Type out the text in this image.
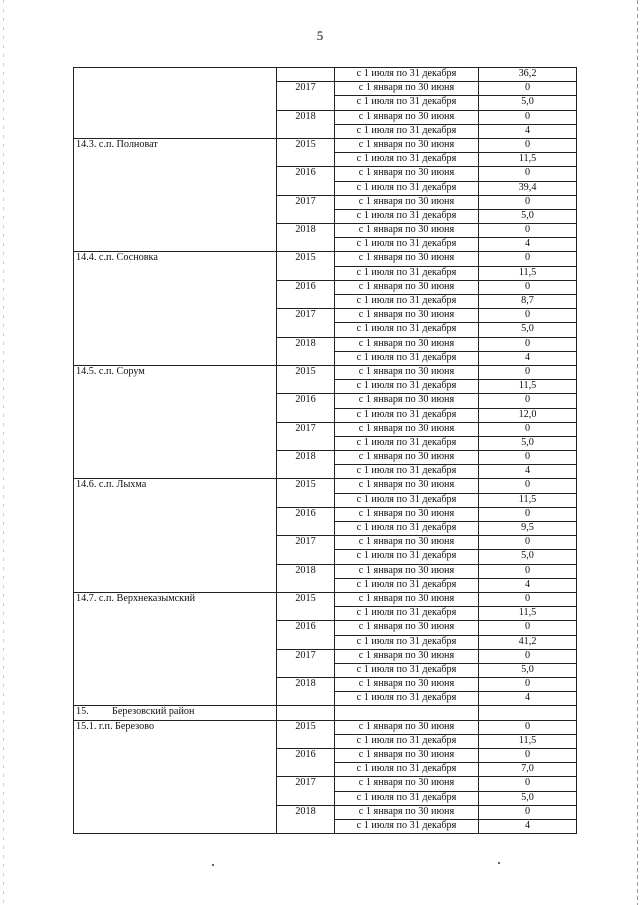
5
		с 1 июля по 31 декабря	36,2
	2017	с 1 января по 30 июня	0
		с 1 июля по 31 декабря	5,0
	2018	с 1 января по 30 июня	0
		с 1 июля по 31 декабря	4
14.3. с.п. Полноват	2015	с 1 января по 30 июня	0
		с 1 июля по 31 декабря	11,5
	2016	с 1 января по 30 июня	0
		с 1 июля по 31 декабря	39,4
	2017	с 1 января по 30 июня	0
		с 1 июля по 31 декабря	5,0
	2018	с 1 января по 30 июня	0
		с 1 июля по 31 декабря	4
14.4. с.п. Сосновка	2015	с 1 января по 30 июня	0
		с 1 июля по 31 декабря	11,5
	2016	с 1 января по 30 июня	0
		с 1 июля по 31 декабря	8,7
	2017	с 1 января по 30 июня	0
		с 1 июля по 31 декабря	5,0
	2018	с 1 января по 30 июня	0
		с 1 июля по 31 декабря	4
14.5. с.п. Сорум	2015	с 1 января по 30 июня	0
		с 1 июля по 31 декабря	11,5
	2016	с 1 января по 30 июня	0
		с 1 июля по 31 декабря	12,0
	2017	с 1 января по 30 июня	0
		с 1 июля по 31 декабря	5,0
	2018	с 1 января по 30 июня	0
		с 1 июля по 31 декабря	4
14.6. с.п. Лыхма	2015	с 1 января по 30 июня	0
		с 1 июля по 31 декабря	11,5
	2016	с 1 января по 30 июня	0
		с 1 июля по 31 декабря	9,5
	2017	с 1 января по 30 июня	0
		с 1 июля по 31 декабря	5,0
	2018	с 1 января по 30 июня	0
		с 1 июля по 31 декабря	4
14.7. с.п. Верхнеказымский	2015	с 1 января по 30 июня	0
		с 1 июля по 31 декабря	11,5
	2016	с 1 января по 30 июня	0
		с 1 июля по 31 декабря	41,2
	2017	с 1 января по 30 июня	0
		с 1 июля по 31 декабря	5,0
	2018	с 1 января по 30 июня	0
		с 1 июля по 31 декабря	4
15. Березовский район			
15.1. г.п. Березово	2015	с 1 января по 30 июня	0
		с 1 июля по 31 декабря	11,5
	2016	с 1 января по 30 июня	0
		с 1 июля по 31 декабря	7,0
	2017	с 1 января по 30 июня	0
		с 1 июля по 31 декабря	5,0
	2018	с 1 января по 30 июня	0
		с 1 июля по 31 декабря	4
